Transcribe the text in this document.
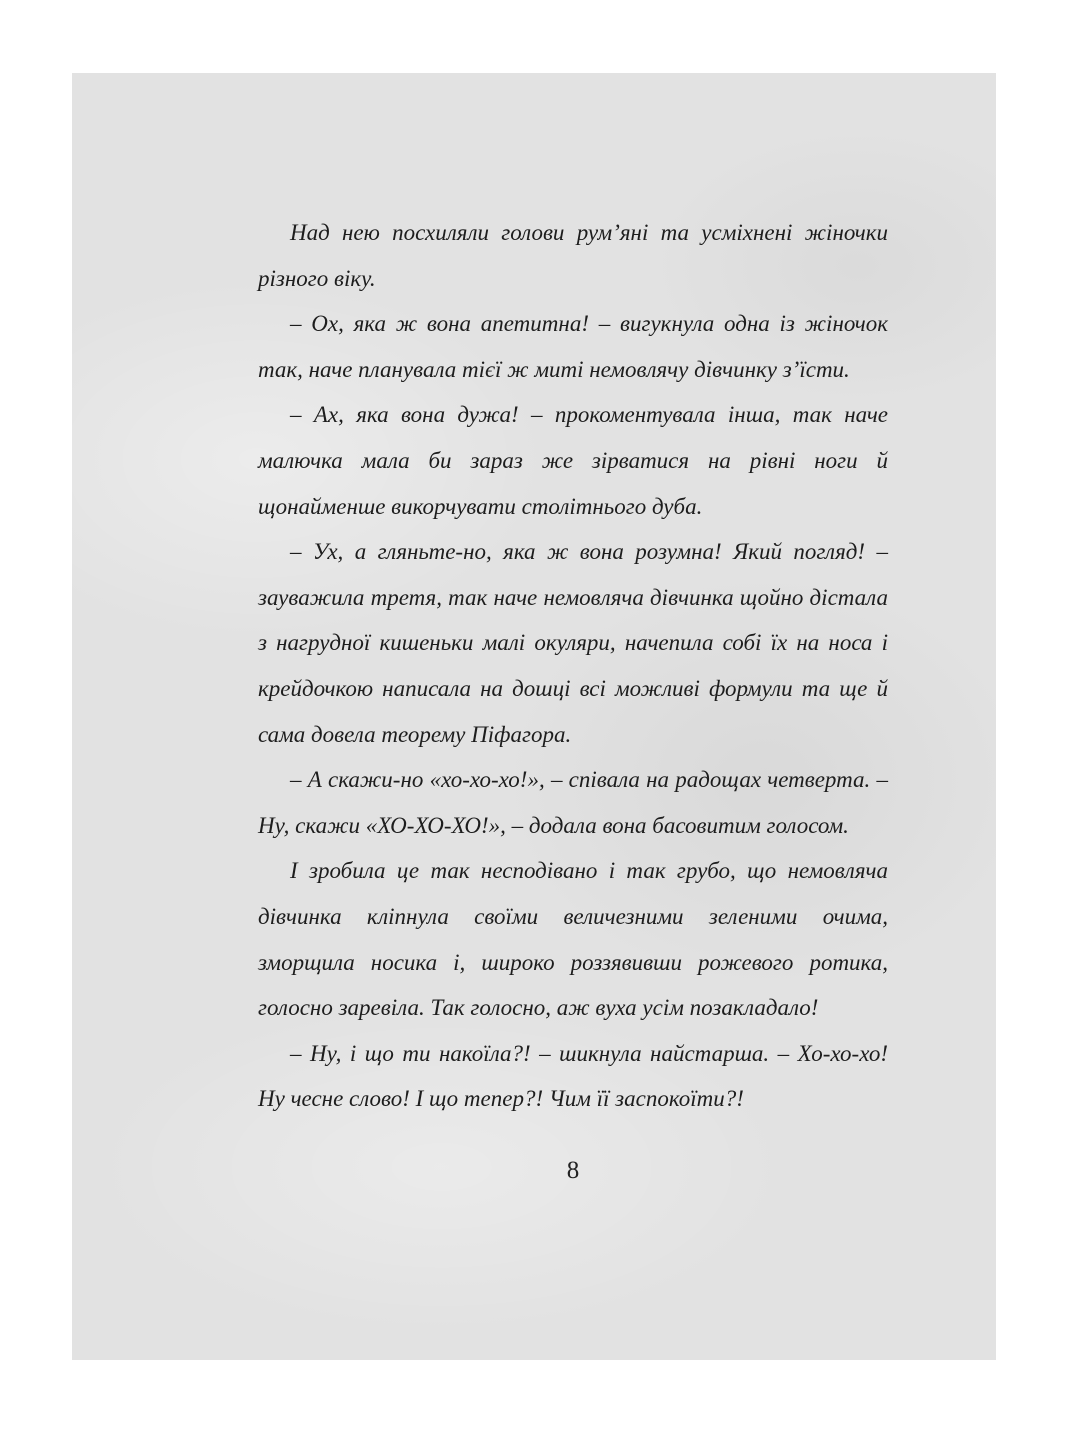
Над нею посхиляли голови рум’яні та усміхнені жіночки різного віку.

– Ох, яка ж вона апетитна! – вигукнула одна із жіночок так, наче планувала тієї ж миті немовлячу дівчинку з’їсти.

– Ах, яка вона дужа! – прокоментувала інша, так наче малючка мала би зараз же зірватися на рівні ноги й щонайменше викорчувати столітнього дуба.

– Ух, а гляньте-но, яка ж вона розумна! Який погляд! – зауважила третя, так наче немовляча дівчинка щойно дістала з нагрудної кишеньки малі окуляри, начепила собі їх на носа і крейдочкою написала на дошці всі можливі формули та ще й сама довела теорему Піфагора.

– А скажи-но «хо-хо-хо!», – співала на радощах четверта. – Ну, скажи «ХО-ХО-ХО!», – додала вона басовитим голосом.

І зробила це так несподівано і так грубо, що немовляча дівчинка кліпнула своїми величезними зеленими очима, зморщила носика і, широко роззявивши рожевого ротика, голосно заревіла. Так голосно, аж вуха усім позакладало!

– Ну, і що ти накоїла?! – шикнула найстарша. – Хо-хо-хо! Ну чесне слово! І що тепер?! Чим її заспокоїти?!

8
